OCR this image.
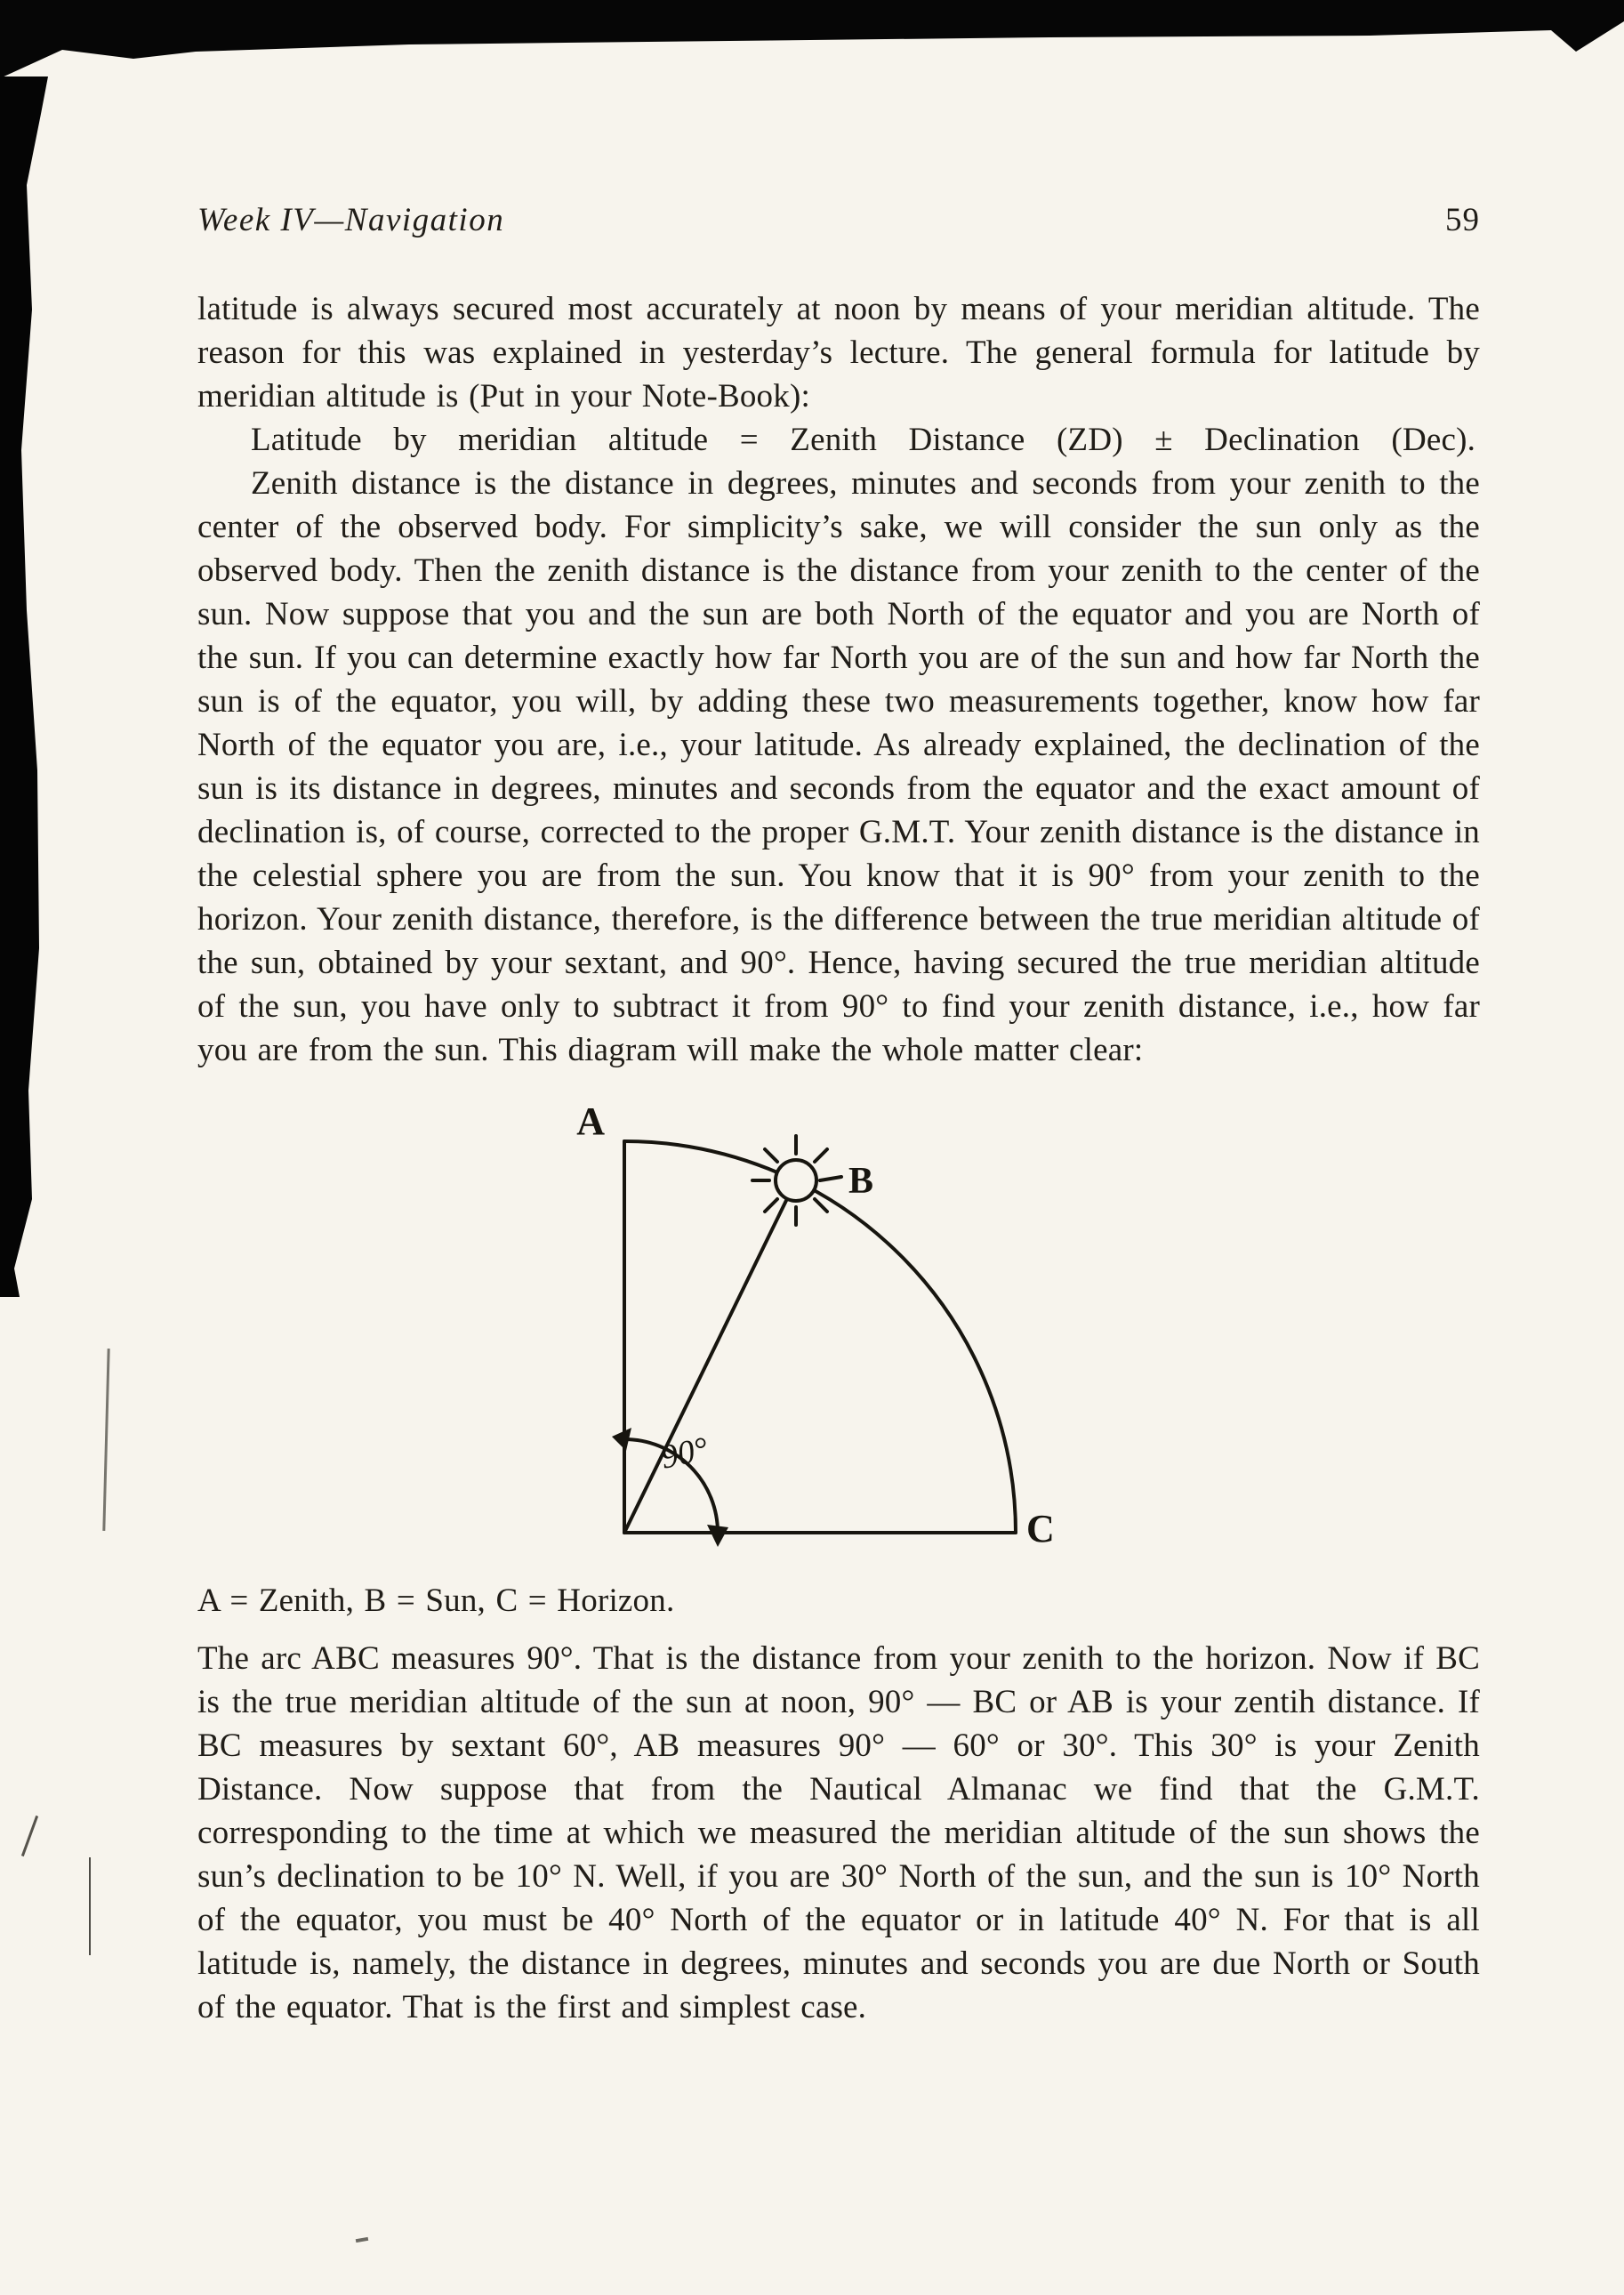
Week IV—Navigation	59

latitude is always secured most accurately at noon by means of your meridian altitude. The reason for this was explained in yesterday’s lecture. The general formula for latitude by meridian altitude is (Put in your Note-Book):

Latitude by meridian altitude = Zenith Distance (ZD) ± Declination (Dec).

Zenith distance is the distance in degrees, minutes and seconds from your zenith to the center of the observed body. For simplicity’s sake, we will consider the sun only as the observed body. Then the zenith distance is the distance from your zenith to the center of the sun. Now suppose that you and the sun are both North of the equator and you are North of the sun. If you can determine exactly how far North you are of the sun and how far North the sun is of the equator, you will, by adding these two measurements together, know how far North of the equator you are, i.e., your latitude. As already explained, the declination of the sun is its distance in degrees, minutes and seconds from the equator and the exact amount of declination is, of course, corrected to the proper G.M.T. Your zenith distance is the distance in the celestial sphere you are from the sun. You know that it is 90° from your zenith to the horizon. Your zenith distance, therefore, is the difference between the true meridian altitude of the sun, obtained by your sextant, and 90°. Hence, having secured the true meridian altitude of the sun, you have only to subtract it from 90° to find your zenith distance, i.e., how far you are from the sun. This diagram will make the whole matter clear:

A
B
C
90°

A = Zenith, B = Sun, C = Horizon.

The arc ABC measures 90°. That is the distance from your zenith to the horizon. Now if BC is the true meridian altitude of the sun at noon, 90° — BC or AB is your zentih distance. If BC measures by sextant 60°, AB measures 90° — 60° or 30°. This 30° is your Zenith Distance. Now suppose that from the Nautical Almanac we find that the G.M.T. corresponding to the time at which we measured the meridian altitude of the sun shows the sun’s declination to be 10° N. Well, if you are 30° North of the sun, and the sun is 10° North of the equator, you must be 40° North of the equator or in latitude 40° N. For that is all latitude is, namely, the distance in degrees, minutes and seconds you are due North or South of the equator. That is the first and simplest case.
